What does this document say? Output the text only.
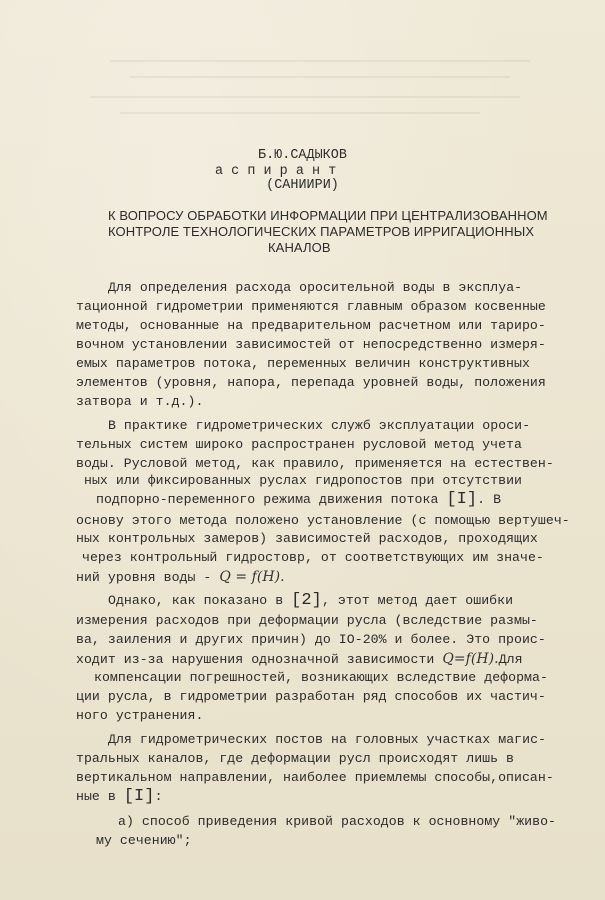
Б.Ю.САДЫКОВ
а с п и р а н т
(САНИИРИ)
К ВОПРОСУ ОБРАБОТКИ ИНФОРМАЦИИ ПРИ ЦЕНТРАЛИЗОВАННОМ
КОНТРОЛЕ ТЕХНОЛОГИЧЕСКИХ ПАРАМЕТРОВ ИРРИГАЦИОННЫХ
КАНАЛОВ
Для определения расхода оросительной воды в эксплуа-
тационной гидрометрии применяются главным образом косвенные
методы, основанные на предварительном расчетном или тариро-
вочном установлении зависимостей от непосредственно измеря-
емых параметров потока, переменных величин конструктивных
элементов (уровня, напора, перепада уровней воды, положения
затвора и т.д.).
В практике гидрометрических служб эксплуатации ороси-
тельных систем широко распространен русловой метод учета
воды. Русловой метод, как правило, применяется на естествен-
ных или фиксированных руслах гидропостов при отсутствии
подпорно-переменного режима движения потока [I]. В
основу этого метода положено установление (с помощью вертушеч-
ных контрольных замеров) зависимостей расходов, проходящих
через контрольный гидростовр, от соответствующих им значе-
ний уровня воды - Q = f(H).
Однако, как показано в [2], этот метод дает ошибки
измерения расходов при деформации русла (вследствие размы-
ва, заиления и других причин) до IO-20% и более. Это проис-
ходит из-за нарушения однозначной зависимости Q=f(H).Для
компенсации погрешностей, возникающих вследствие деформа-
ции русла, в гидрометрии разработан ряд способов их частич-
ного устранения.
Для гидрометрических постов на головных участках магис-
тральных каналов, где деформации русл происходят лишь в
вертикальном направлении, наиболее приемлемы способы,описан-
ные в [I]:
а) способ приведения кривой расходов к основному "живо-
му сечению";
